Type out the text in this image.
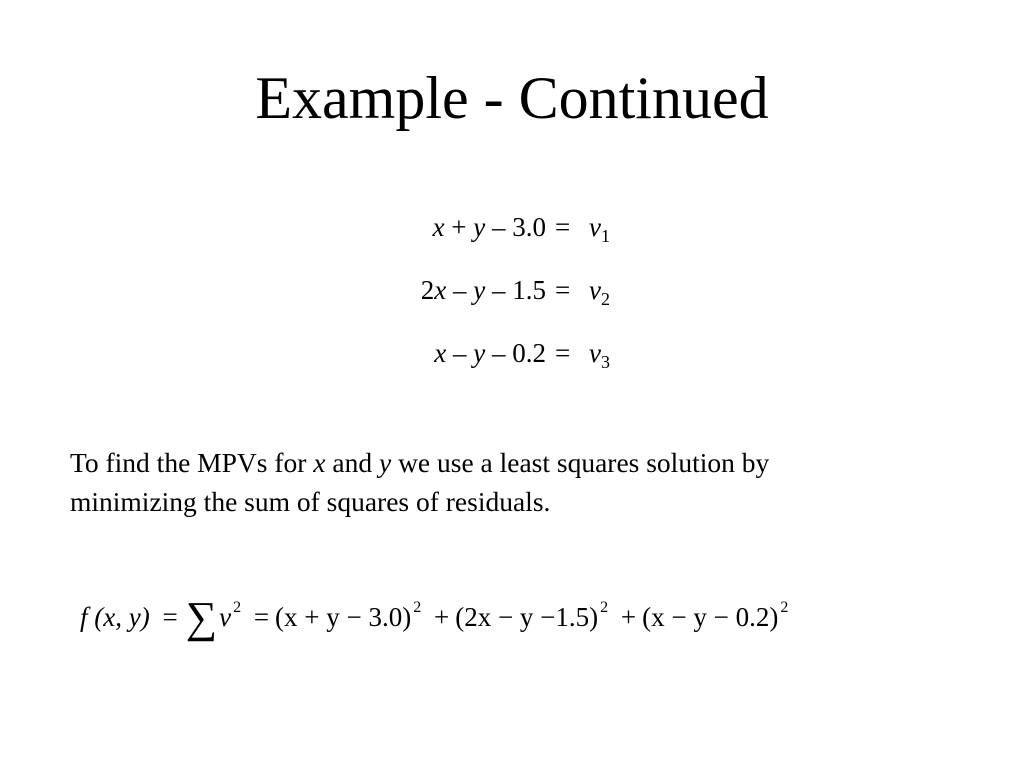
Example - Continued
$x + y - 3.0 = v_1$
$2x - y - 1.5 = v_2$
$x - y - 0.2 = v_3$

To find the MPVs for x and y we use a least squares solution by

minimizing the sum of squares of residuals.

f (x, y) = ∑v $^2$ = (x + y − 3.0) $^2$ + (2x − y −1.5) $^2$ + (x − y − 0.2) $^2$
